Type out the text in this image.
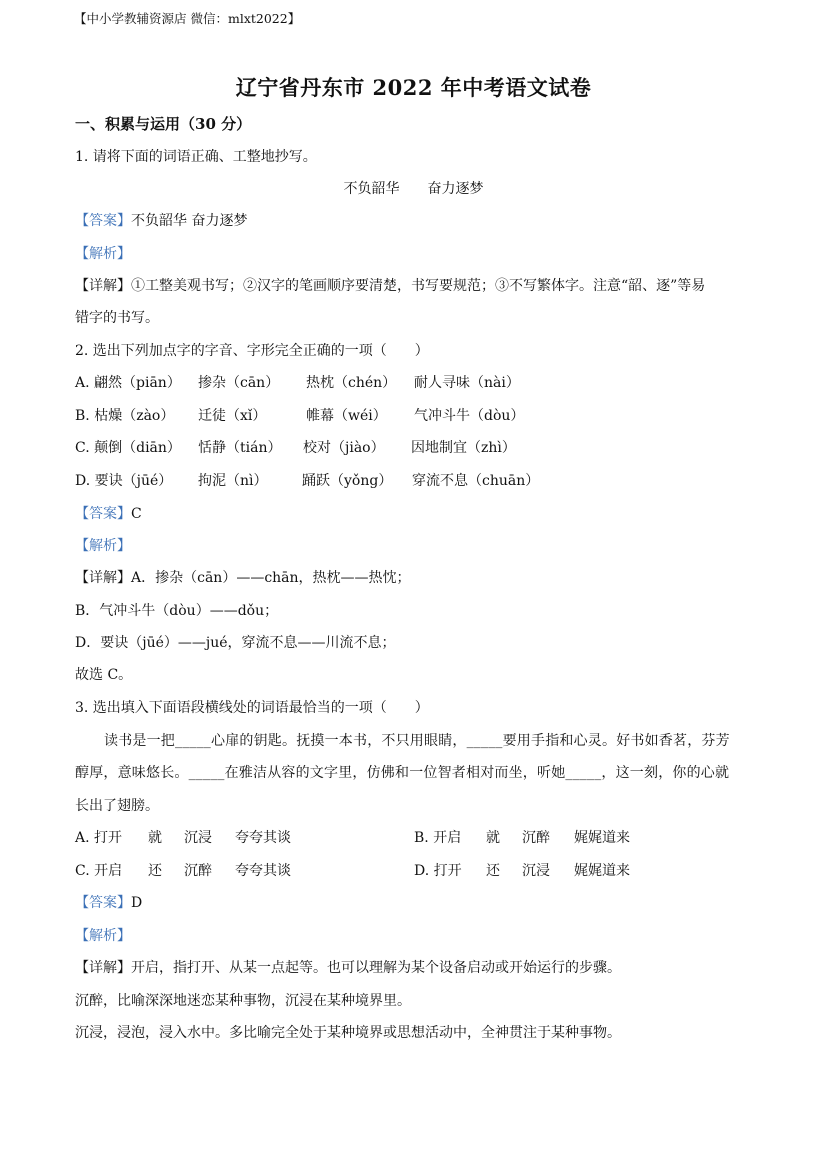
【中小学教辅资源店 微信：mlxt2022】
辽宁省丹东市 2022 年中考语文试卷
一、积累与运用（30 分）
1. 请将下面的词语正确、工整地抄写。
不负韶华　　奋力逐梦
【答案】不负韶华 奋力逐梦
【解析】
【详解】①工整美观书写；②汉字的笔画顺序要清楚，书写要规范；③不写繁体字。注意“韶、逐”等易
错字的书写。
2. 选出下列加点字的字音、字形完全正确的一项（　　）
A. 翩然（piān） 掺杂（cān） 热枕（chén） 耐人寻味（nài）
B. 枯燥（zào） 迁徒（xǐ）	帷幕（wéi） 气冲斗牛（dòu）
C. 颠倒（diān） 恬静（tián） 校对（jiào） 因地制宜（zhì）
D. 要诀（jūé） 拘泥（nì） 踊跃（yǒng） 穿流不息（chuān）
【答案】C
【解析】
【详解】A．掺杂（cān）——chān，热枕——热忱；
B．气冲斗牛（dòu）——dǒu；
D．要诀（jūé）——jué，穿流不息——川流不息；
故选 C。
3. 选出填入下面语段横线处的词语最恰当的一项（　　）
读书是一把_____心扉的钥匙。抚摸一本书，不只用眼睛，_____要用手指和心灵。好书如香茗，芬芳
醇厚，意味悠长。_____在雅洁从容的文字里，仿佛和一位智者相对而坐，听她_____，这一刻，你的心就
长出了翅膀。
A. 打开 就 沉浸 夸夸其谈	B. 开启 就 沉醉 娓娓道来
C. 开启 还 沉醉 夸夸其谈	D. 打开 还 沉浸 娓娓道来
【答案】D
【解析】
【详解】开启，指打开、从某一点起等。也可以理解为某个设备启动或开始运行的步骤。
沉醉，比喻深深地迷恋某种事物，沉浸在某种境界里。
沉浸，浸泡，浸入水中。多比喻完全处于某种境界或思想活动中，全神贯注于某种事物。
